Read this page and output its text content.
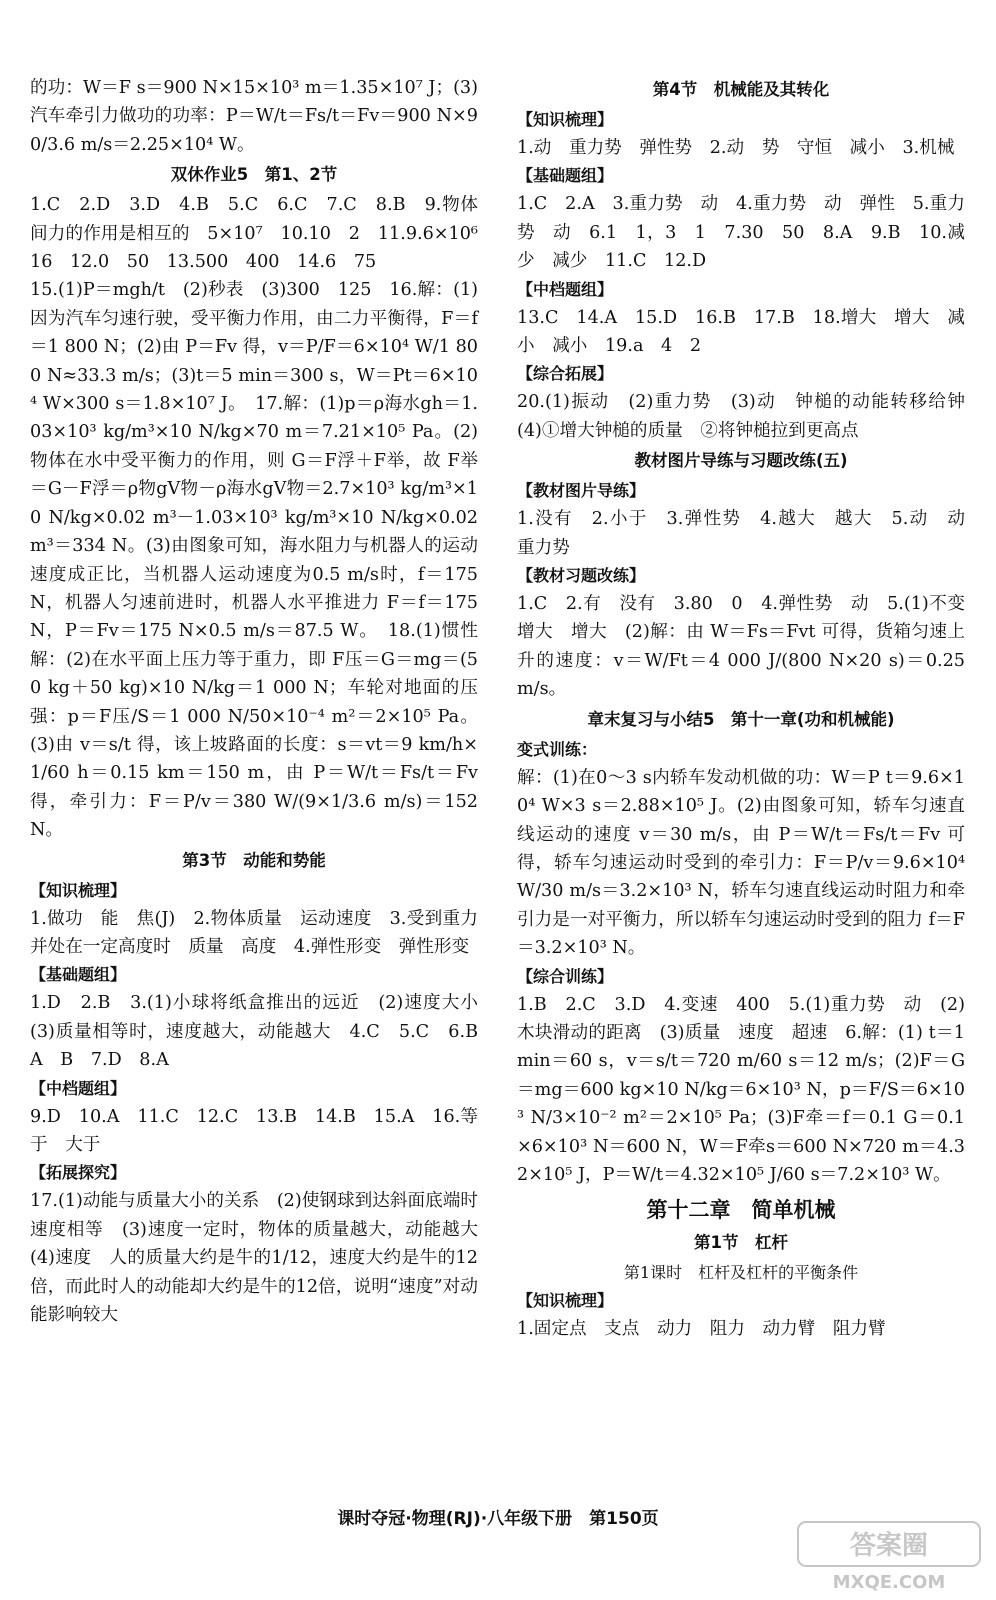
的功：W＝F s＝900 N×15×10³ m＝1.35×10⁷ J；(3)汽车牵引力做功的功率：P＝W/t＝Fs/t＝Fv＝900 N×90/3.6 m/s＝2.25×10⁴ W。
双休作业5　第1、2节
1.C　2.D　3.D　4.B　5.C　6.C　7.C　8.B　9.物体间力的作用是相互的　5×10⁷　10.10　2　11.9.6×10⁶　16　12.0　50　13.500　400　14.6　75
15.(1)P＝mgh/t　(2)秒表　(3)300　125　16.解：(1)因为汽车匀速行驶，受平衡力作用，由二力平衡得，F＝f＝1 800 N；(2)由 P＝Fv 得，v＝P/F＝6×10⁴ W/1 800 N≈33.3 m/s；(3)t＝5 min＝300 s，W＝Pt＝6×10⁴ W×300 s＝1.8×10⁷ J。　17.解：(1)p＝ρ海水gh＝1.03×10³ kg/m³×10 N/kg×70 m＝7.21×10⁵ Pa。(2)物体在水中受平衡力的作用，则 G＝F浮＋F举，故 F举＝G－F浮＝ρ物gV物－ρ海水gV物＝2.7×10³ kg/m³×10 N/kg×0.02 m³－1.03×10³ kg/m³×10 N/kg×0.02 m³＝334 N。(3)由图象可知，海水阻力与机器人的运动速度成正比，当机器人运动速度为0.5 m/s时，f＝175 N，机器人匀速前进时，机器人水平推进力 F＝f＝175 N，P＝Fv＝175 N×0.5 m/s＝87.5 W。　18.(1)惯性　解：(2)在水平面上压力等于重力，即 F压＝G＝mg＝(50 kg＋50 kg)×10 N/kg＝1 000 N；车轮对地面的压强：p＝F压/S＝1 000 N/50×10⁻⁴ m²＝2×10⁵ Pa。(3)由 v＝s/t 得，该上坡路面的长度：s＝vt＝9 km/h×1/60 h＝0.15 km＝150 m，由 P＝W/t＝Fs/t＝Fv 得，牵引力：F＝P/v＝380 W/(9×1/3.6 m/s)＝152 N。
第3节　动能和势能
【知识梳理】
1.做功　能　焦(J)　2.物体质量　运动速度　3.受到重力并处在一定高度时　质量　高度　4.弹性形变　弹性形变
【基础题组】
1.D　2.B　3.(1)小球将纸盒推出的远近　(2)速度大小　(3)质量相等时，速度越大，动能越大　4.C　5.C　6.B　A　B　7.D　8.A
【中档题组】
9.D　10.A　11.C　12.C　13.B　14.B　15.A　16.等于　大于
【拓展探究】
17.(1)动能与质量大小的关系　(2)使钢球到达斜面底端时速度相等　(3)速度一定时，物体的质量越大，动能越大　(4)速度　人的质量大约是牛的1/12，速度大约是牛的12倍，而此时人的动能却大约是牛的12倍，说明“速度”对动能影响较大
第4节　机械能及其转化
【知识梳理】
1.动　重力势　弹性势　2.动　势　守恒　减小　3.机械
【基础题组】
1.C　2.A　3.重力势　动　4.重力势　动　弹性　5.重力势　动　6.1　1，3　1　7.30　50　8.A　9.B　10.减少　减少　11.C　12.D
【中档题组】
13.C　14.A　15.D　16.B　17.B　18.增大　增大　减小　减小　19.a　4　2
【综合拓展】
20.(1)振动　(2)重力势　(3)动　钟槌的动能转移给钟　(4)①增大钟槌的质量　②将钟槌拉到更高点
教材图片导练与习题改练(五)
【教材图片导练】
1.没有　2.小于　3.弹性势　4.越大　越大　5.动　动　重力势
【教材习题改练】
1.C　2.有　没有　3.80　0　4.弹性势　动　5.(1)不变　增大　增大　(2)解：由 W＝Fs＝Fvt 可得，货箱匀速上升的速度：v＝W/Ft＝4 000 J/(800 N×20 s)＝0.25 m/s。
章末复习与小结5　第十一章(功和机械能)
变式训练：
解：(1)在0～3 s内轿车发动机做的功：W＝P t＝9.6×10⁴ W×3 s＝2.88×10⁵ J。(2)由图象可知，轿车匀速直线运动的速度 v＝30 m/s，由 P＝W/t＝Fs/t＝Fv 可得，轿车匀速运动时受到的牵引力：F＝P/v＝9.6×10⁴ W/30 m/s＝3.2×10³ N，轿车匀速直线运动时阻力和牵引力是一对平衡力，所以轿车匀速运动时受到的阻力 f＝F＝3.2×10³ N。
【综合训练】
1.B　2.C　3.D　4.变速　400　5.(1)重力势　动　(2)木块滑动的距离　(3)质量　速度　超速　6.解：(1) t＝1 min＝60 s，v＝s/t＝720 m/60 s＝12 m/s；(2)F＝G＝mg＝600 kg×10 N/kg＝6×10³ N，p＝F/S＝6×10³ N/3×10⁻² m²＝2×10⁵ Pa；(3)F牵＝f＝0.1 G＝0.1×6×10³ N＝600 N，W＝F牵s＝600 N×720 m＝4.32×10⁵ J，P＝W/t＝4.32×10⁵ J/60 s＝7.2×10³ W。
第十二章　简单机械
第1节　杠杆
第1课时　杠杆及杠杆的平衡条件
【知识梳理】
1.固定点　支点　动力　阻力　动力臂　阻力臂
课时夺冠·物理(RJ)·八年级下册　第150页
答案圈
MXQE.COM
